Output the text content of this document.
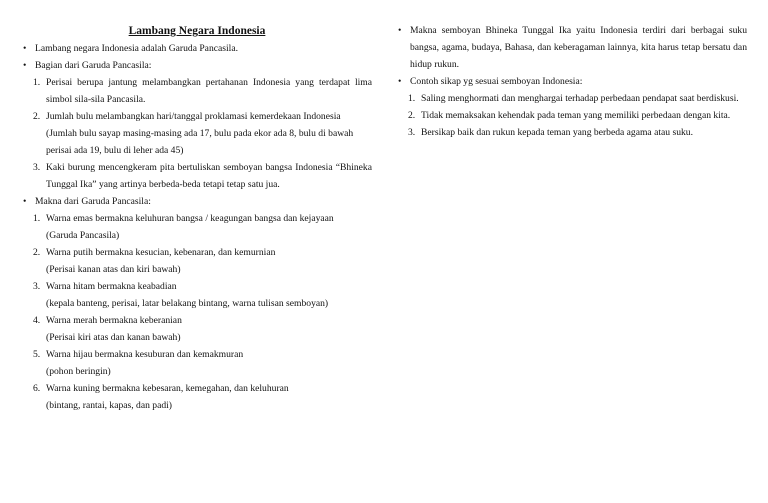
Lambang Negara Indonesia
• Lambang negara Indonesia adalah Garuda Pancasila.
• Bagian dari Garuda Pancasila:
1. Perisai berupa jantung melambangkan pertahanan Indonesia yang terdapat lima simbol sila-sila Pancasila.
2. Jumlah bulu melambangkan hari/tanggal proklamasi kemerdekaan Indonesia
(Jumlah bulu sayap masing-masing ada 17, bulu pada ekor ada 8, bulu di bawah perisai ada 19, bulu di leher ada 45)
3. Kaki burung mencengkeram pita bertuliskan semboyan bangsa Indonesia “Bhineka Tunggal Ika” yang artinya berbeda-beda tetapi tetap satu jua.
• Makna dari Garuda Pancasila:
1. Warna emas bermakna keluhuran bangsa / keagungan bangsa dan kejayaan
(Garuda Pancasila)
2. Warna putih bermakna kesucian, kebenaran, dan kemurnian
(Perisai kanan atas dan kiri bawah)
3. Warna hitam bermakna keabadian
(kepala banteng, perisai, latar belakang bintang, warna tulisan semboyan)
4. Warna merah bermakna keberanian
(Perisai kiri atas dan kanan bawah)
5. Warna hijau bermakna kesuburan dan kemakmuran
(pohon beringin)
6. Warna kuning bermakna kebesaran, kemegahan, dan keluhuran
(bintang, rantai, kapas, dan padi)
• Makna semboyan Bhineka Tunggal Ika yaitu Indonesia terdiri dari berbagai suku bangsa, agama, budaya, Bahasa, dan keberagaman lainnya, kita harus tetap bersatu dan hidup rukun.
• Contoh sikap yg sesuai semboyan Indonesia:
1. Saling menghormati dan menghargai terhadap perbedaan pendapat saat berdiskusi.
2. Tidak memaksakan kehendak pada teman yang memiliki perbedaan dengan kita.
3. Bersikap baik dan rukun kepada teman yang berbeda agama atau suku.
